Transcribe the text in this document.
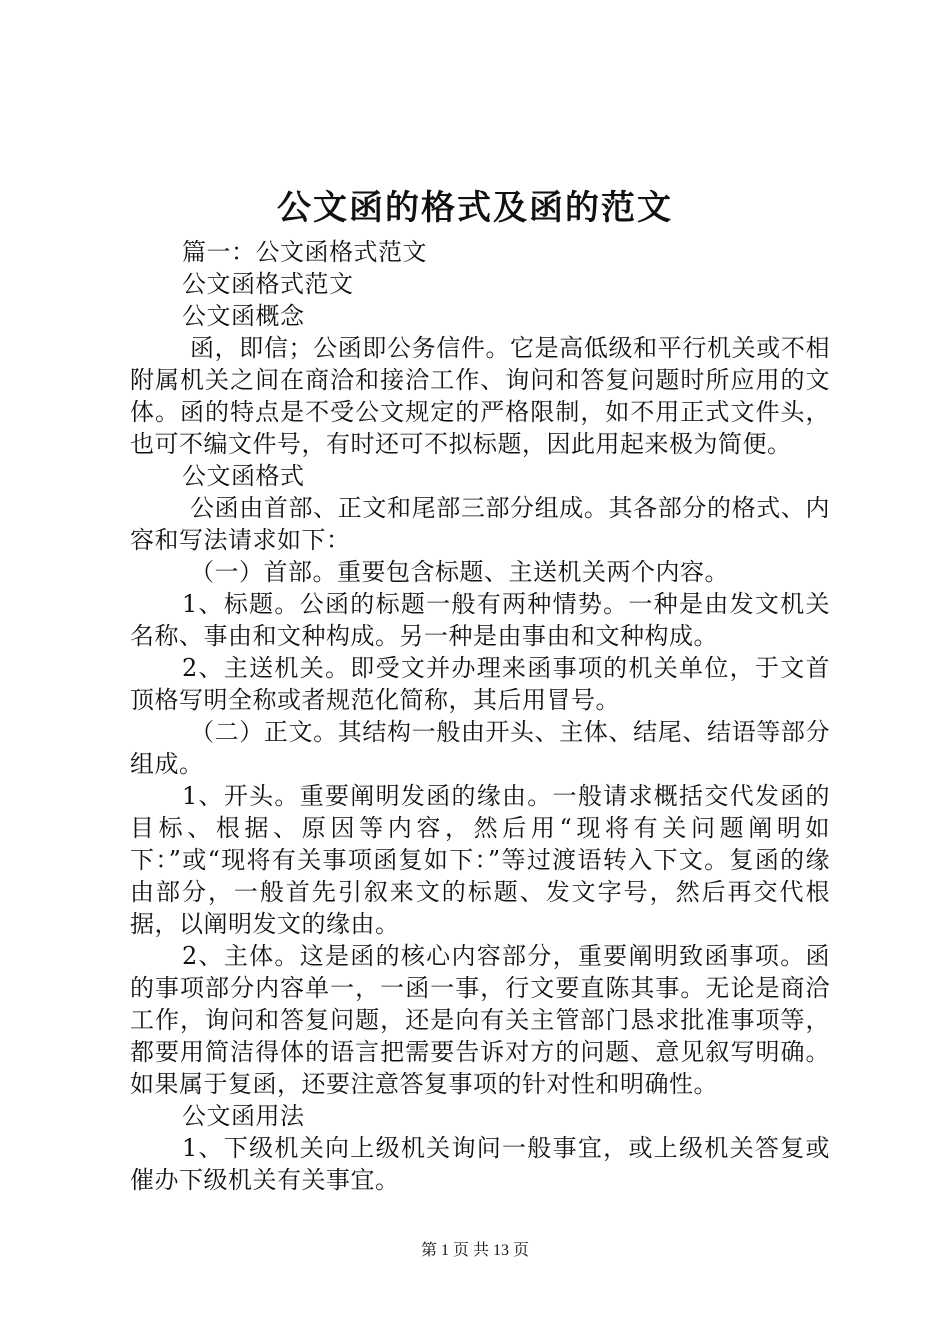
公文函的格式及函的范文

篇一：公文函格式范文

公文函格式范文

公文函概念

函，即信；公函即公务信件。它是高低级和平行机关或不相附属机关之间在商洽和接洽工作、询问和答复问题时所应用的文体。函的特点是不受公文规定的严格限制，如不用正式文件头，也可不编文件号，有时还可不拟标题，因此用起来极为简便。

公文函格式

公函由首部、正文和尾部三部分组成。其各部分的格式、内容和写法请求如下：

（一）首部。重要包含标题、主送机关两个内容。

1、标题。公函的标题一般有两种情势。一种是由发文机关名称、事由和文种构成。另一种是由事由和文种构成。

2、主送机关。即受文并办理来函事项的机关单位，于文首顶格写明全称或者规范化简称，其后用冒号。

（二）正文。其结构一般由开头、主体、结尾、结语等部分组成。

1、开头。重要阐明发函的缘由。一般请求概括交代发函的目标、根据、原因等内容，然后用“现将有关问题阐明如下：”或“现将有关事项函复如下：”等过渡语转入下文。复函的缘由部分，一般首先引叙来文的标题、发文字号，然后再交代根据，以阐明发文的缘由。

2、主体。这是函的核心内容部分，重要阐明致函事项。函的事项部分内容单一，一函一事，行文要直陈其事。无论是商洽工作，询问和答复问题，还是向有关主管部门恳求批准事项等，都要用简洁得体的语言把需要告诉对方的问题、意见叙写明确。如果属于复函，还要注意答复事项的针对性和明确性。

公文函用法

1、下级机关向上级机关询问一般事宜，或上级机关答复或催办下级机关有关事宜。

第 1 页 共 13 页
